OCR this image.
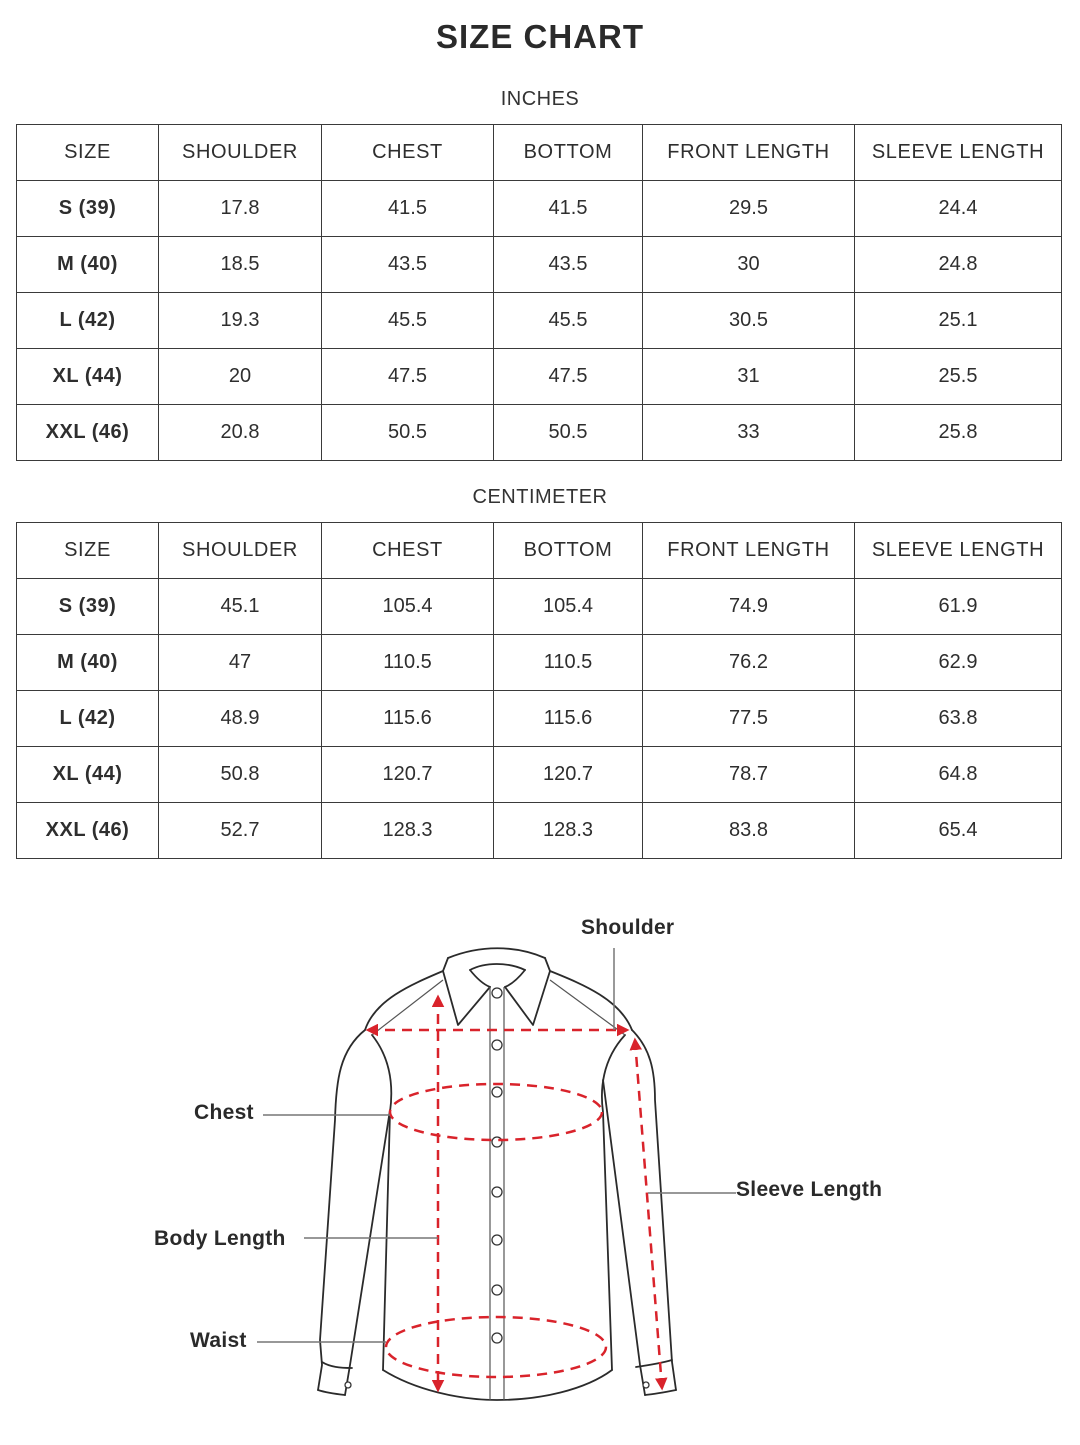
SIZE CHART
INCHES
SIZE	SHOULDER	CHEST	BOTTOM	FRONT LENGTH	SLEEVE LENGTH
S (39)	17.8	41.5	41.5	29.5	24.4
M (40)	18.5	43.5	43.5	30	24.8
L (42)	19.3	45.5	45.5	30.5	25.1
XL (44)	20	47.5	47.5	31	25.5
XXL (46)	20.8	50.5	50.5	33	25.8
CENTIMETER
SIZE	SHOULDER	CHEST	BOTTOM	FRONT LENGTH	SLEEVE LENGTH
S (39)	45.1	105.4	105.4	74.9	61.9
M (40)	47	110.5	110.5	76.2	62.9
L (42)	48.9	115.6	115.6	77.5	63.8
XL (44)	50.8	120.7	120.7	78.7	64.8
XXL (46)	52.7	128.3	128.3	83.8	65.4
Shoulder
Chest
Body Length
Waist
Sleeve Length
